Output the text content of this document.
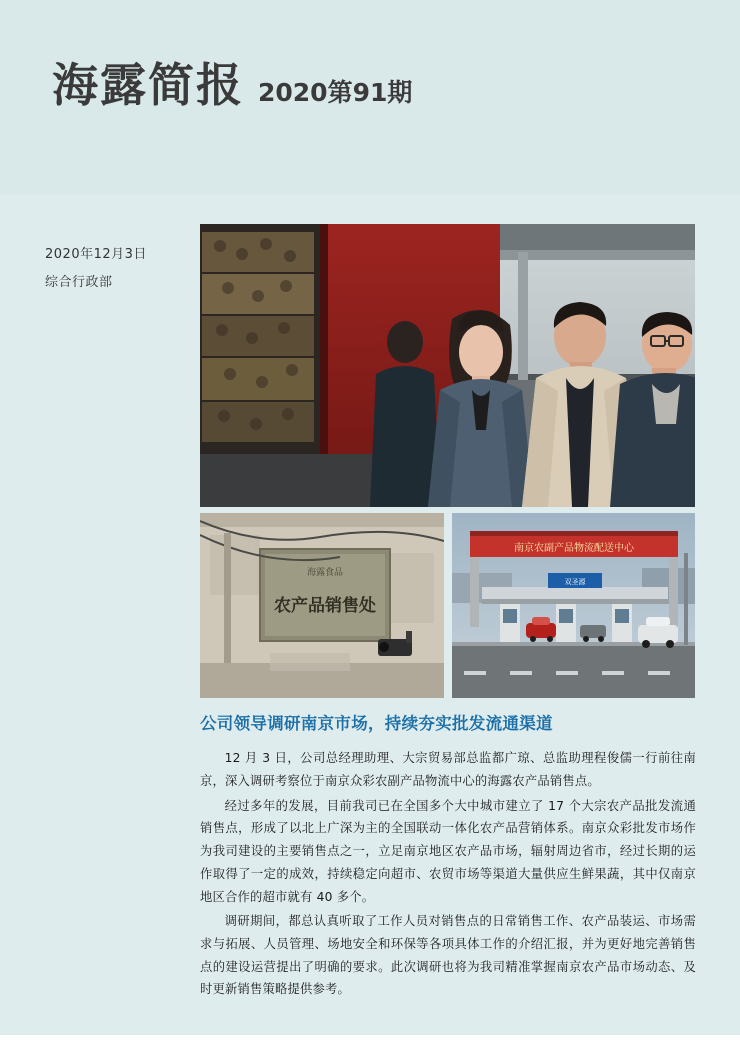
海露简报 2020第91期
2020年12月3日
综合行政部
海露食品
农产品销售处
南京农副产品物流配送中心
双圣源
公司领导调研南京市场，持续夯实批发流通渠道

12 月 3 日，公司总经理助理、大宗贸易部总监都广琼、总监助理程俊儒一行前往南京，深入调研考察位于南京众彩农副产品物流中心的海露农产品销售点。

经过多年的发展，目前我司已在全国多个大中城市建立了 17 个大宗农产品批发流通销售点，形成了以北上广深为主的全国联动一体化农产品营销体系。南京众彩批发市场作为我司建设的主要销售点之一，立足南京地区农产品市场，辐射周边省市，经过长期的运作取得了一定的成效，持续稳定向超市、农贸市场等渠道大量供应生鲜果蔬，其中仅南京地区合作的超市就有 40 多个。

调研期间，都总认真听取了工作人员对销售点的日常销售工作、农产品装运、市场需求与拓展、人员管理、场地安全和环保等各项具体工作的介绍汇报，并为更好地完善销售点的建设运营提出了明确的要求。此次调研也将为我司精准掌握南京农产品市场动态、及时更新销售策略提供参考。
